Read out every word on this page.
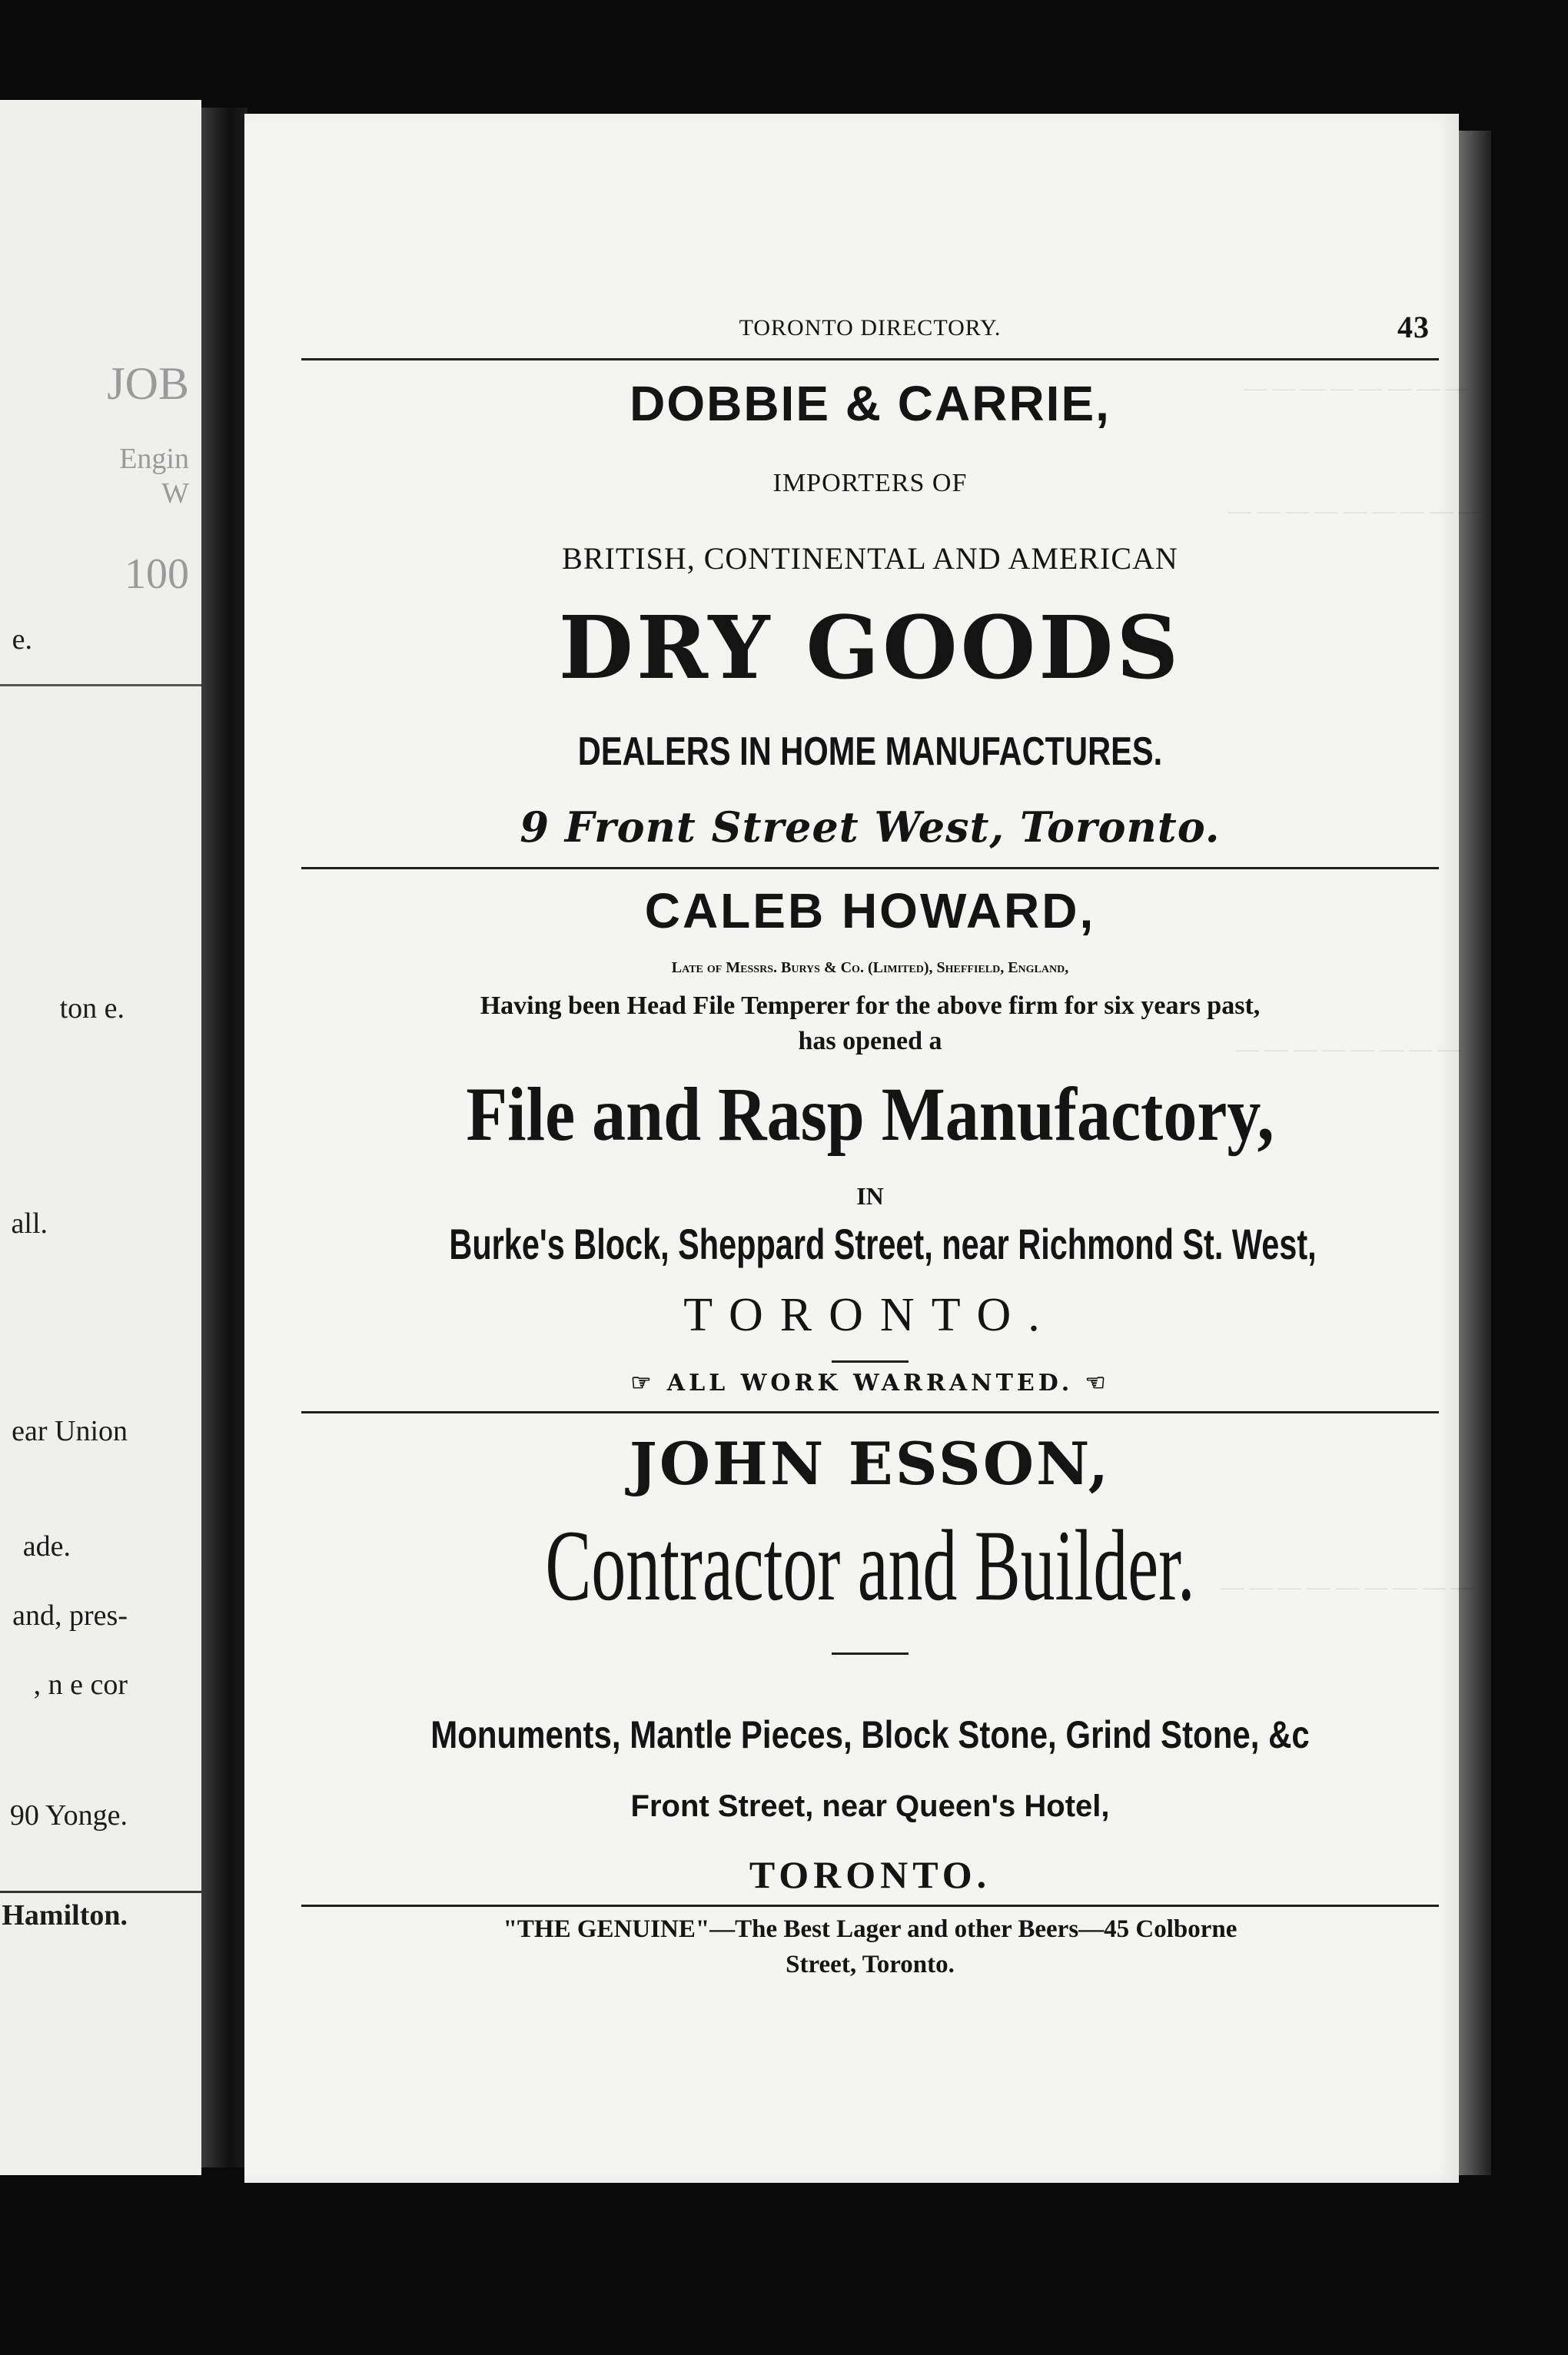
JOB
Engin
W
100
e.
ton e.
all.
ear Union
ade.
and, pres-
, n e cor
90 Yonge.
Hamilton.
— — — — — — — —
— — — — — — — — —
— — — — — — — —
— — — — — — — — —
TORONTO DIRECTORY.	43
DOBBIE & CARRIE,
IMPORTERS OF
BRITISH, CONTINENTAL AND AMERICAN
DRY GOODS
DEALERS IN HOME MANUFACTURES.
9 Front Street West, Toronto.
CALEB HOWARD,
Late of Messrs. Burys & Co. (Limited), Sheffield, England,
Having been Head File Temperer for the above firm for six years past,
has opened a
File and Rasp Manufactory,
IN
Burke's Block, Sheppard Street, near Richmond St. West,
TORONTO.
☞ ALL WORK WARRANTED. ☜
JOHN ESSON,
Contractor and Builder.
Monuments, Mantle Pieces, Block Stone, Grind Stone, &c
Front Street, near Queen's Hotel,
TORONTO.
"THE GENUINE"—The Best Lager and other Beers—45 Colborne
Street, Toronto.
